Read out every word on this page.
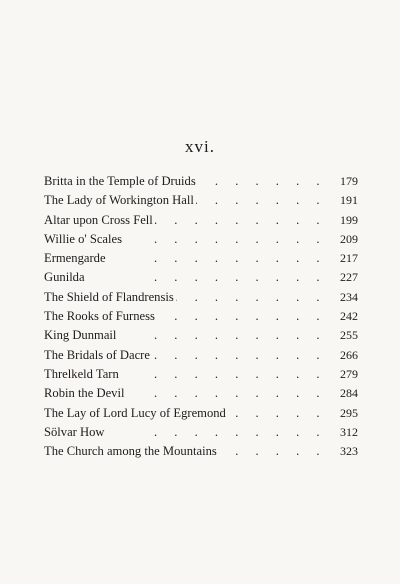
xvi.
. . .
Britta in the Temple of Druids	179
. . .
The Lady of Workington Hall	191
. . .
Altar upon Cross Fell	199
. . .
Willie o' Scales	209
. . .
Ermengarde	217
. . .
Gunilda	227
. . .
The Shield of Flandrensis	234
. . .
The Rooks of Furness	242
. . .
King Dunmail	255
. . .
The Bridals of Dacre	266
. . .
Threlkeld Tarn	279
. . .
Robin the Devil	284
. . .
The Lay of Lord Lucy of Egremond	295
. . .
Sölvar How	312
. . .
The Church among the Mountains	323
